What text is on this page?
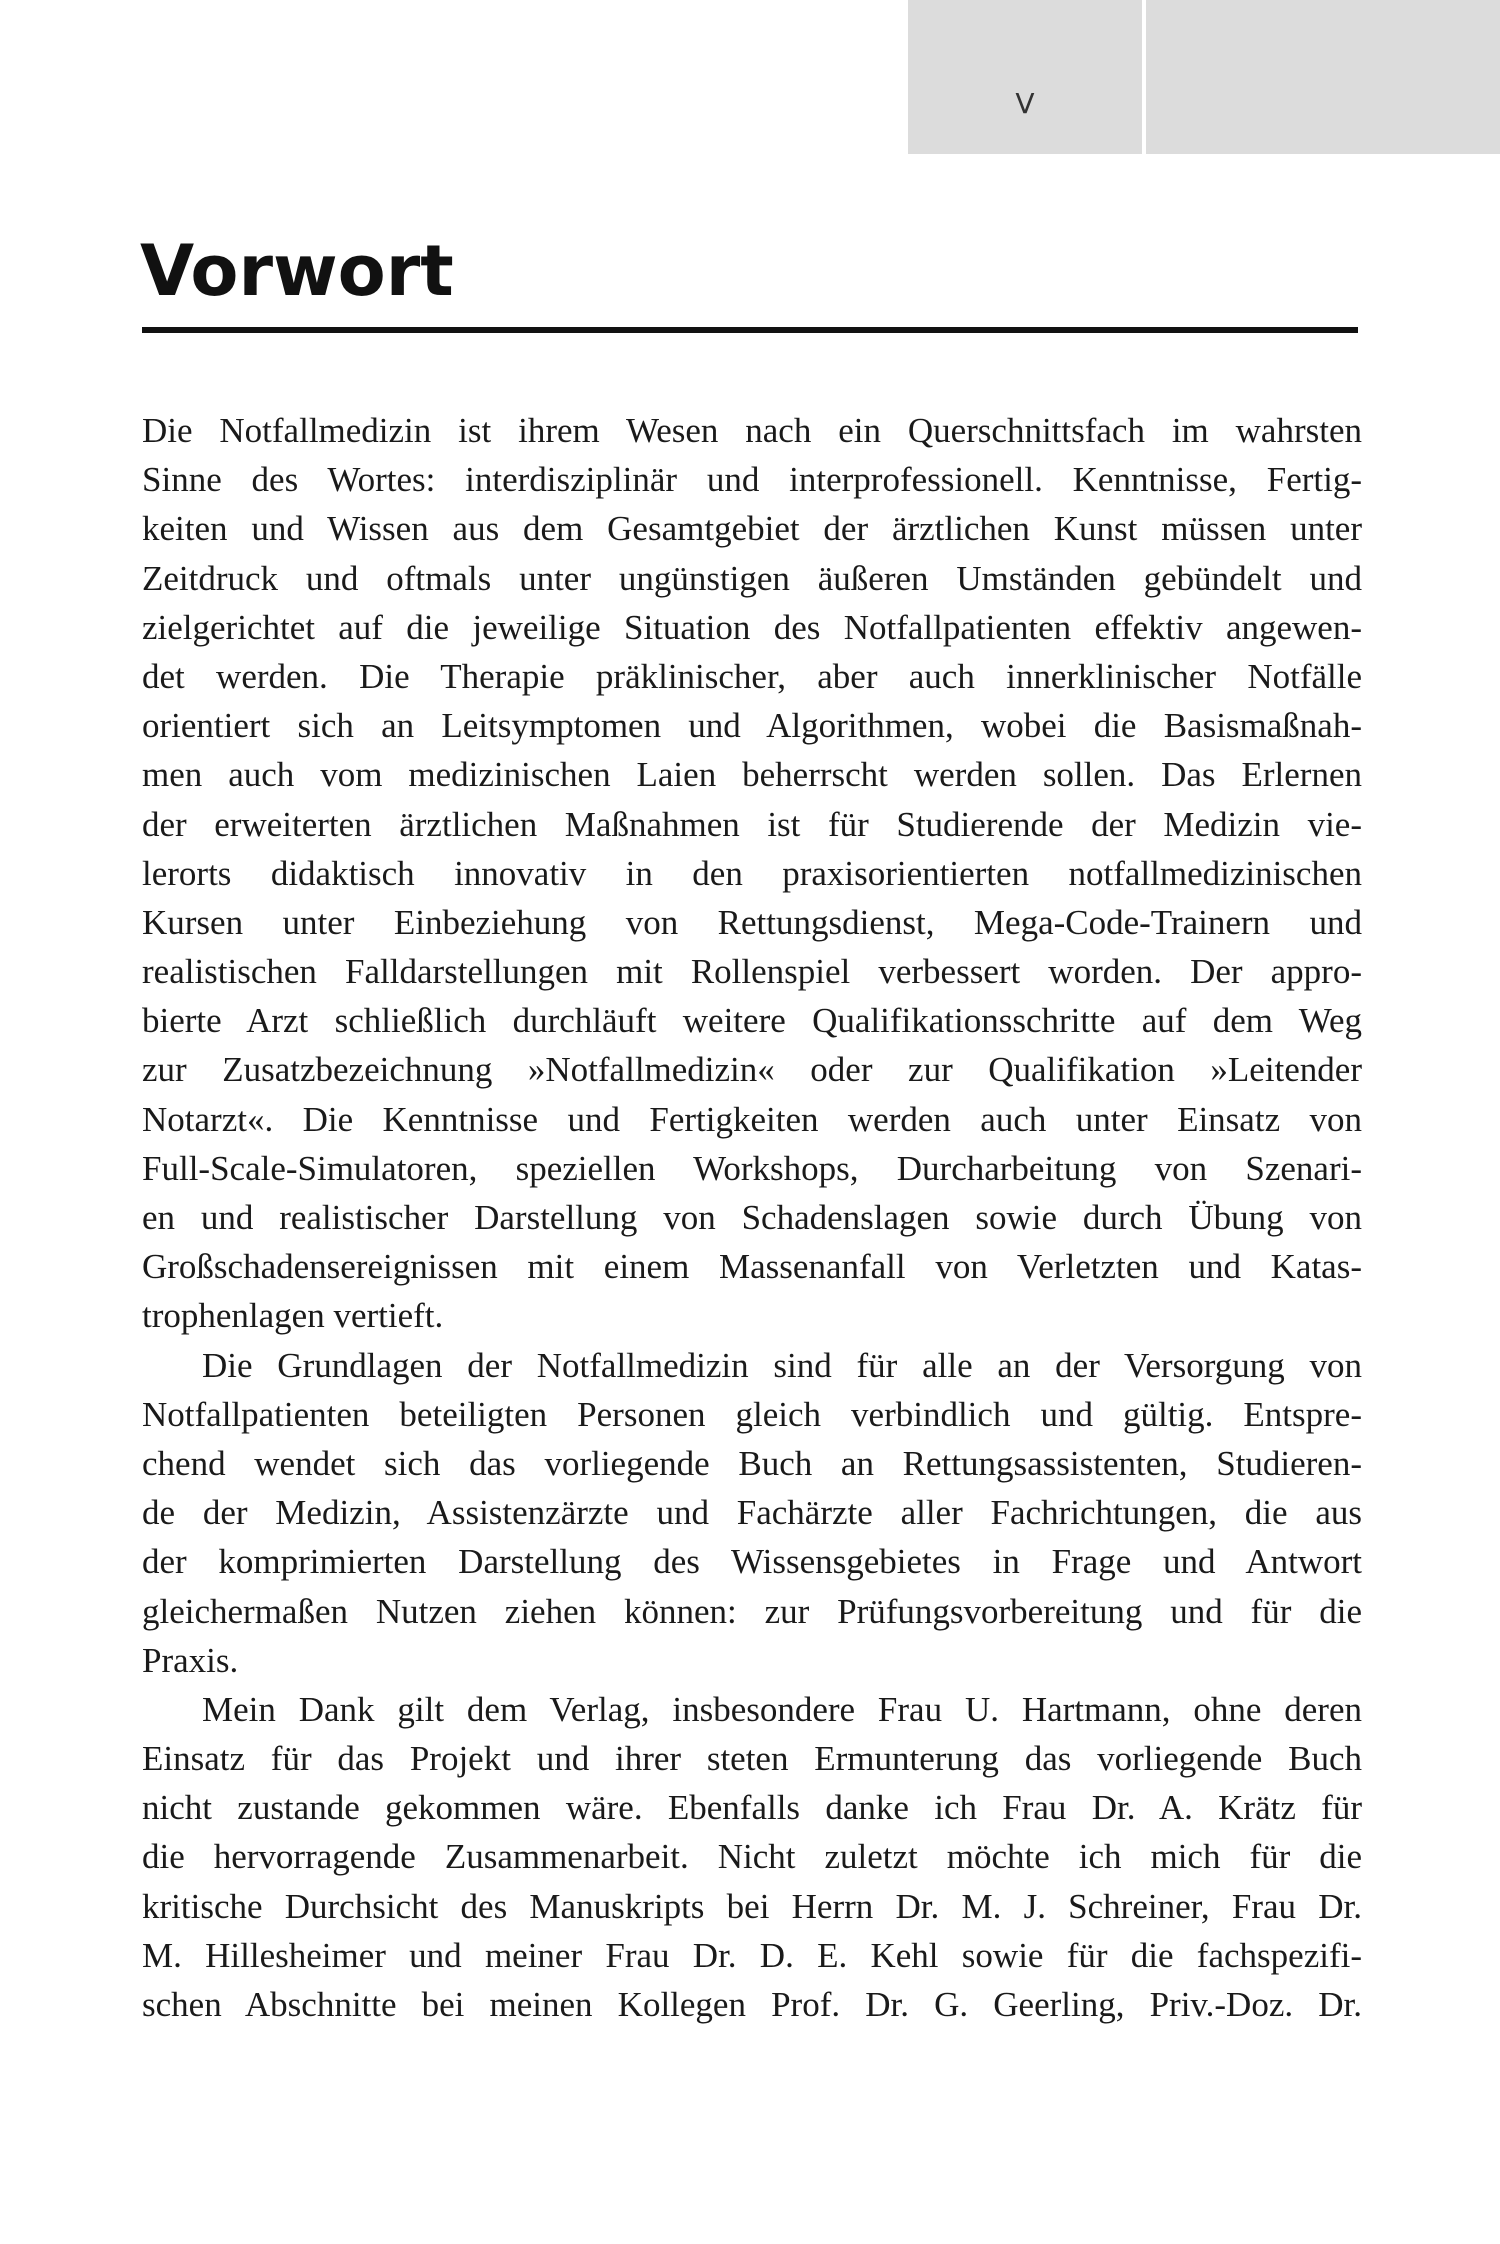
V
Vorwort
Die Notfallmedizin ist ihrem Wesen nach ein Querschnittsfach im wahrsten
Sinne des Wortes: interdisziplinär und interprofessionell. Kenntnisse, Fertig-
keiten und Wissen aus dem Gesamtgebiet der ärztlichen Kunst müssen unter
Zeitdruck und oftmals unter ungünstigen äußeren Umständen gebündelt und
zielgerichtet auf die jeweilige Situation des Notfallpatienten effektiv angewen-
det werden. Die Therapie präklinischer, aber auch innerklinischer Notfälle
orientiert sich an Leitsymptomen und Algorithmen, wobei die Basismaßnah-
men auch vom medizinischen Laien beherrscht werden sollen. Das Erlernen
der erweiterten ärztlichen Maßnahmen ist für Studierende der Medizin vie-
lerorts didaktisch innovativ in den praxisorientierten notfallmedizinischen
Kursen unter Einbeziehung von Rettungsdienst, Mega-Code-Trainern und
realistischen Falldarstellungen mit Rollenspiel verbessert worden. Der appro-
bierte Arzt schließlich durchläuft weitere Qualifikationsschritte auf dem Weg
zur Zusatzbezeichnung »Notfallmedizin« oder zur Qualifikation »Leitender
Notarzt«. Die Kenntnisse und Fertigkeiten werden auch unter Einsatz von
Full-Scale-Simulatoren, speziellen Workshops, Durcharbeitung von Szenari-
en und realistischer Darstellung von Schadenslagen sowie durch Übung von
Großschadensereignissen mit einem Massenanfall von Verletzten und Katas-
trophenlagen vertieft.
Die Grundlagen der Notfallmedizin sind für alle an der Versorgung von
Notfallpatienten beteiligten Personen gleich verbindlich und gültig. Entspre-
chend wendet sich das vorliegende Buch an Rettungsassistenten, Studieren-
de der Medizin, Assistenzärzte und Fachärzte aller Fachrichtungen, die aus
der komprimierten Darstellung des Wissensgebietes in Frage und Antwort
gleichermaßen Nutzen ziehen können: zur Prüfungsvorbereitung und für die
Praxis.
Mein Dank gilt dem Verlag, insbesondere Frau U. Hartmann, ohne deren
Einsatz für das Projekt und ihrer steten Ermunterung das vorliegende Buch
nicht zustande gekommen wäre. Ebenfalls danke ich Frau Dr. A. Krätz für
die hervorragende Zusammenarbeit. Nicht zuletzt möchte ich mich für die
kritische Durchsicht des Manuskripts bei Herrn Dr. M. J. Schreiner, Frau Dr.
M. Hillesheimer und meiner Frau Dr. D. E. Kehl sowie für die fachspezifi-
schen Abschnitte bei meinen Kollegen Prof. Dr. G. Geerling, Priv.-Doz. Dr.
